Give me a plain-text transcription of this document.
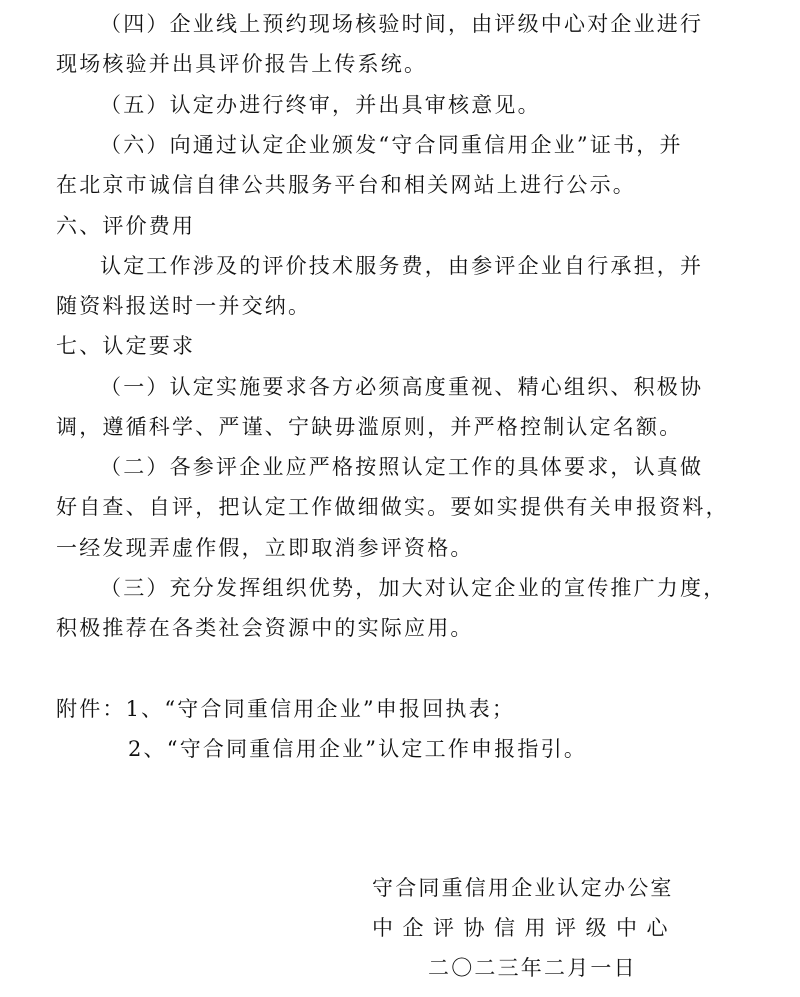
（四）企业线上预约现场核验时间，由评级中心对企业进行
现场核验并出具评价报告上传系统。
（五）认定办进行终审，并出具审核意见。
（六）向通过认定企业颁发“守合同重信用企业”证书，并
在北京市诚信自律公共服务平台和相关网站上进行公示。
六、评价费用
认定工作涉及的评价技术服务费，由参评企业自行承担，并
随资料报送时一并交纳。
七、认定要求
（一）认定实施要求各方必须高度重视、精心组织、积极协
调，遵循科学、严谨、宁缺毋滥原则，并严格控制认定名额。
（二）各参评企业应严格按照认定工作的具体要求，认真做
好自查、自评，把认定工作做细做实。要如实提供有关申报资料，
一经发现弄虚作假，立即取消参评资格。
（三）充分发挥组织优势，加大对认定企业的宣传推广力度，
积极推荐在各类社会资源中的实际应用。
附件：1、“守合同重信用企业”申报回执表；
2、“守合同重信用企业”认定工作申报指引。
守合同重信用企业认定办公室
中企评协信用评级中心
二〇二三年二月一日
